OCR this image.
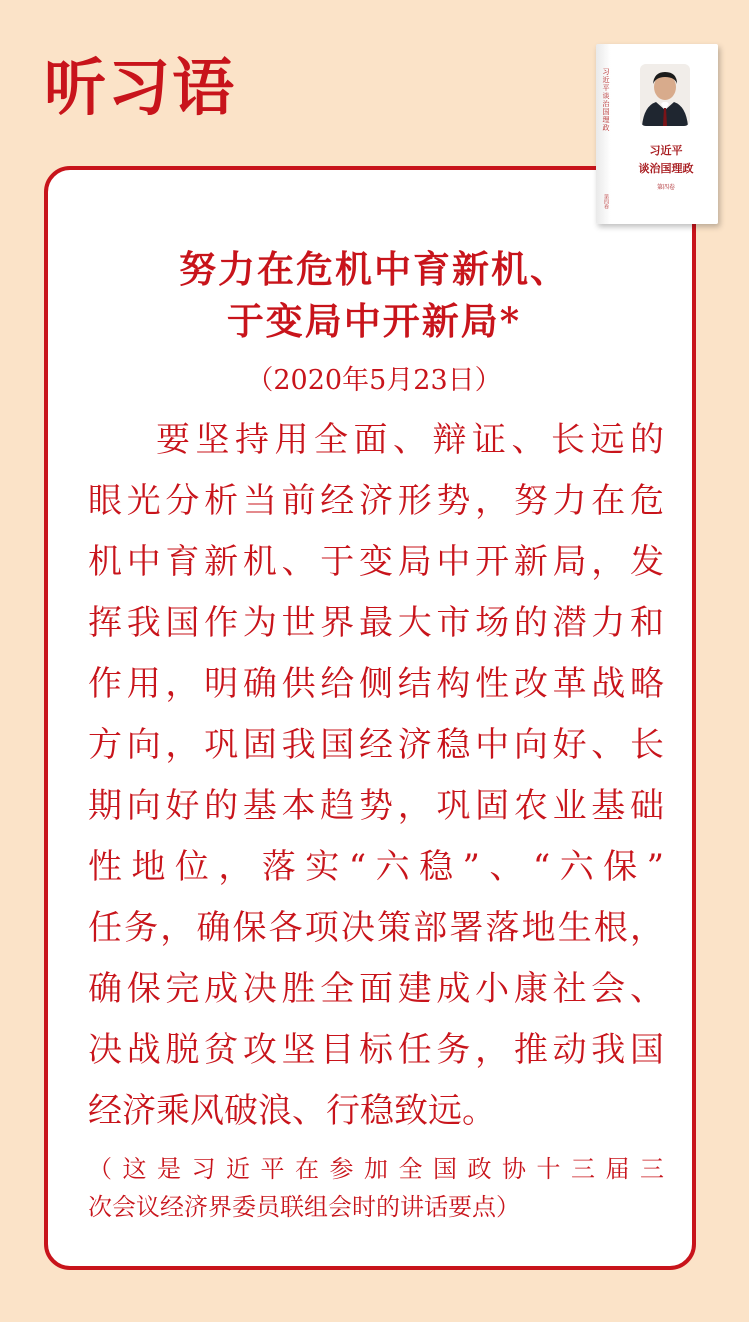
听习语	习近平谈治国理政
第四卷
习近平
谈治国理政
第四卷
努力在危机中育新机、
于变局中开新局*
（2020年5月23日）
要坚持用全面、辩证、长远的
眼光分析当前经济形势，努力在危
机中育新机、于变局中开新局，发
挥我国作为世界最大市场的潜力和
作用，明确供给侧结构性改革战略
方向，巩固我国经济稳中向好、长
期向好的基本趋势，巩固农业基础
性地位，落实“六稳”、“六保”
任务，确保各项决策部署落地生根，
确保完成决胜全面建成小康社会、
决战脱贫攻坚目标任务，推动我国
经济乘风破浪、行稳致远。
（这是习近平在参加全国政协十三届三
次会议经济界委员联组会时的讲话要点）
